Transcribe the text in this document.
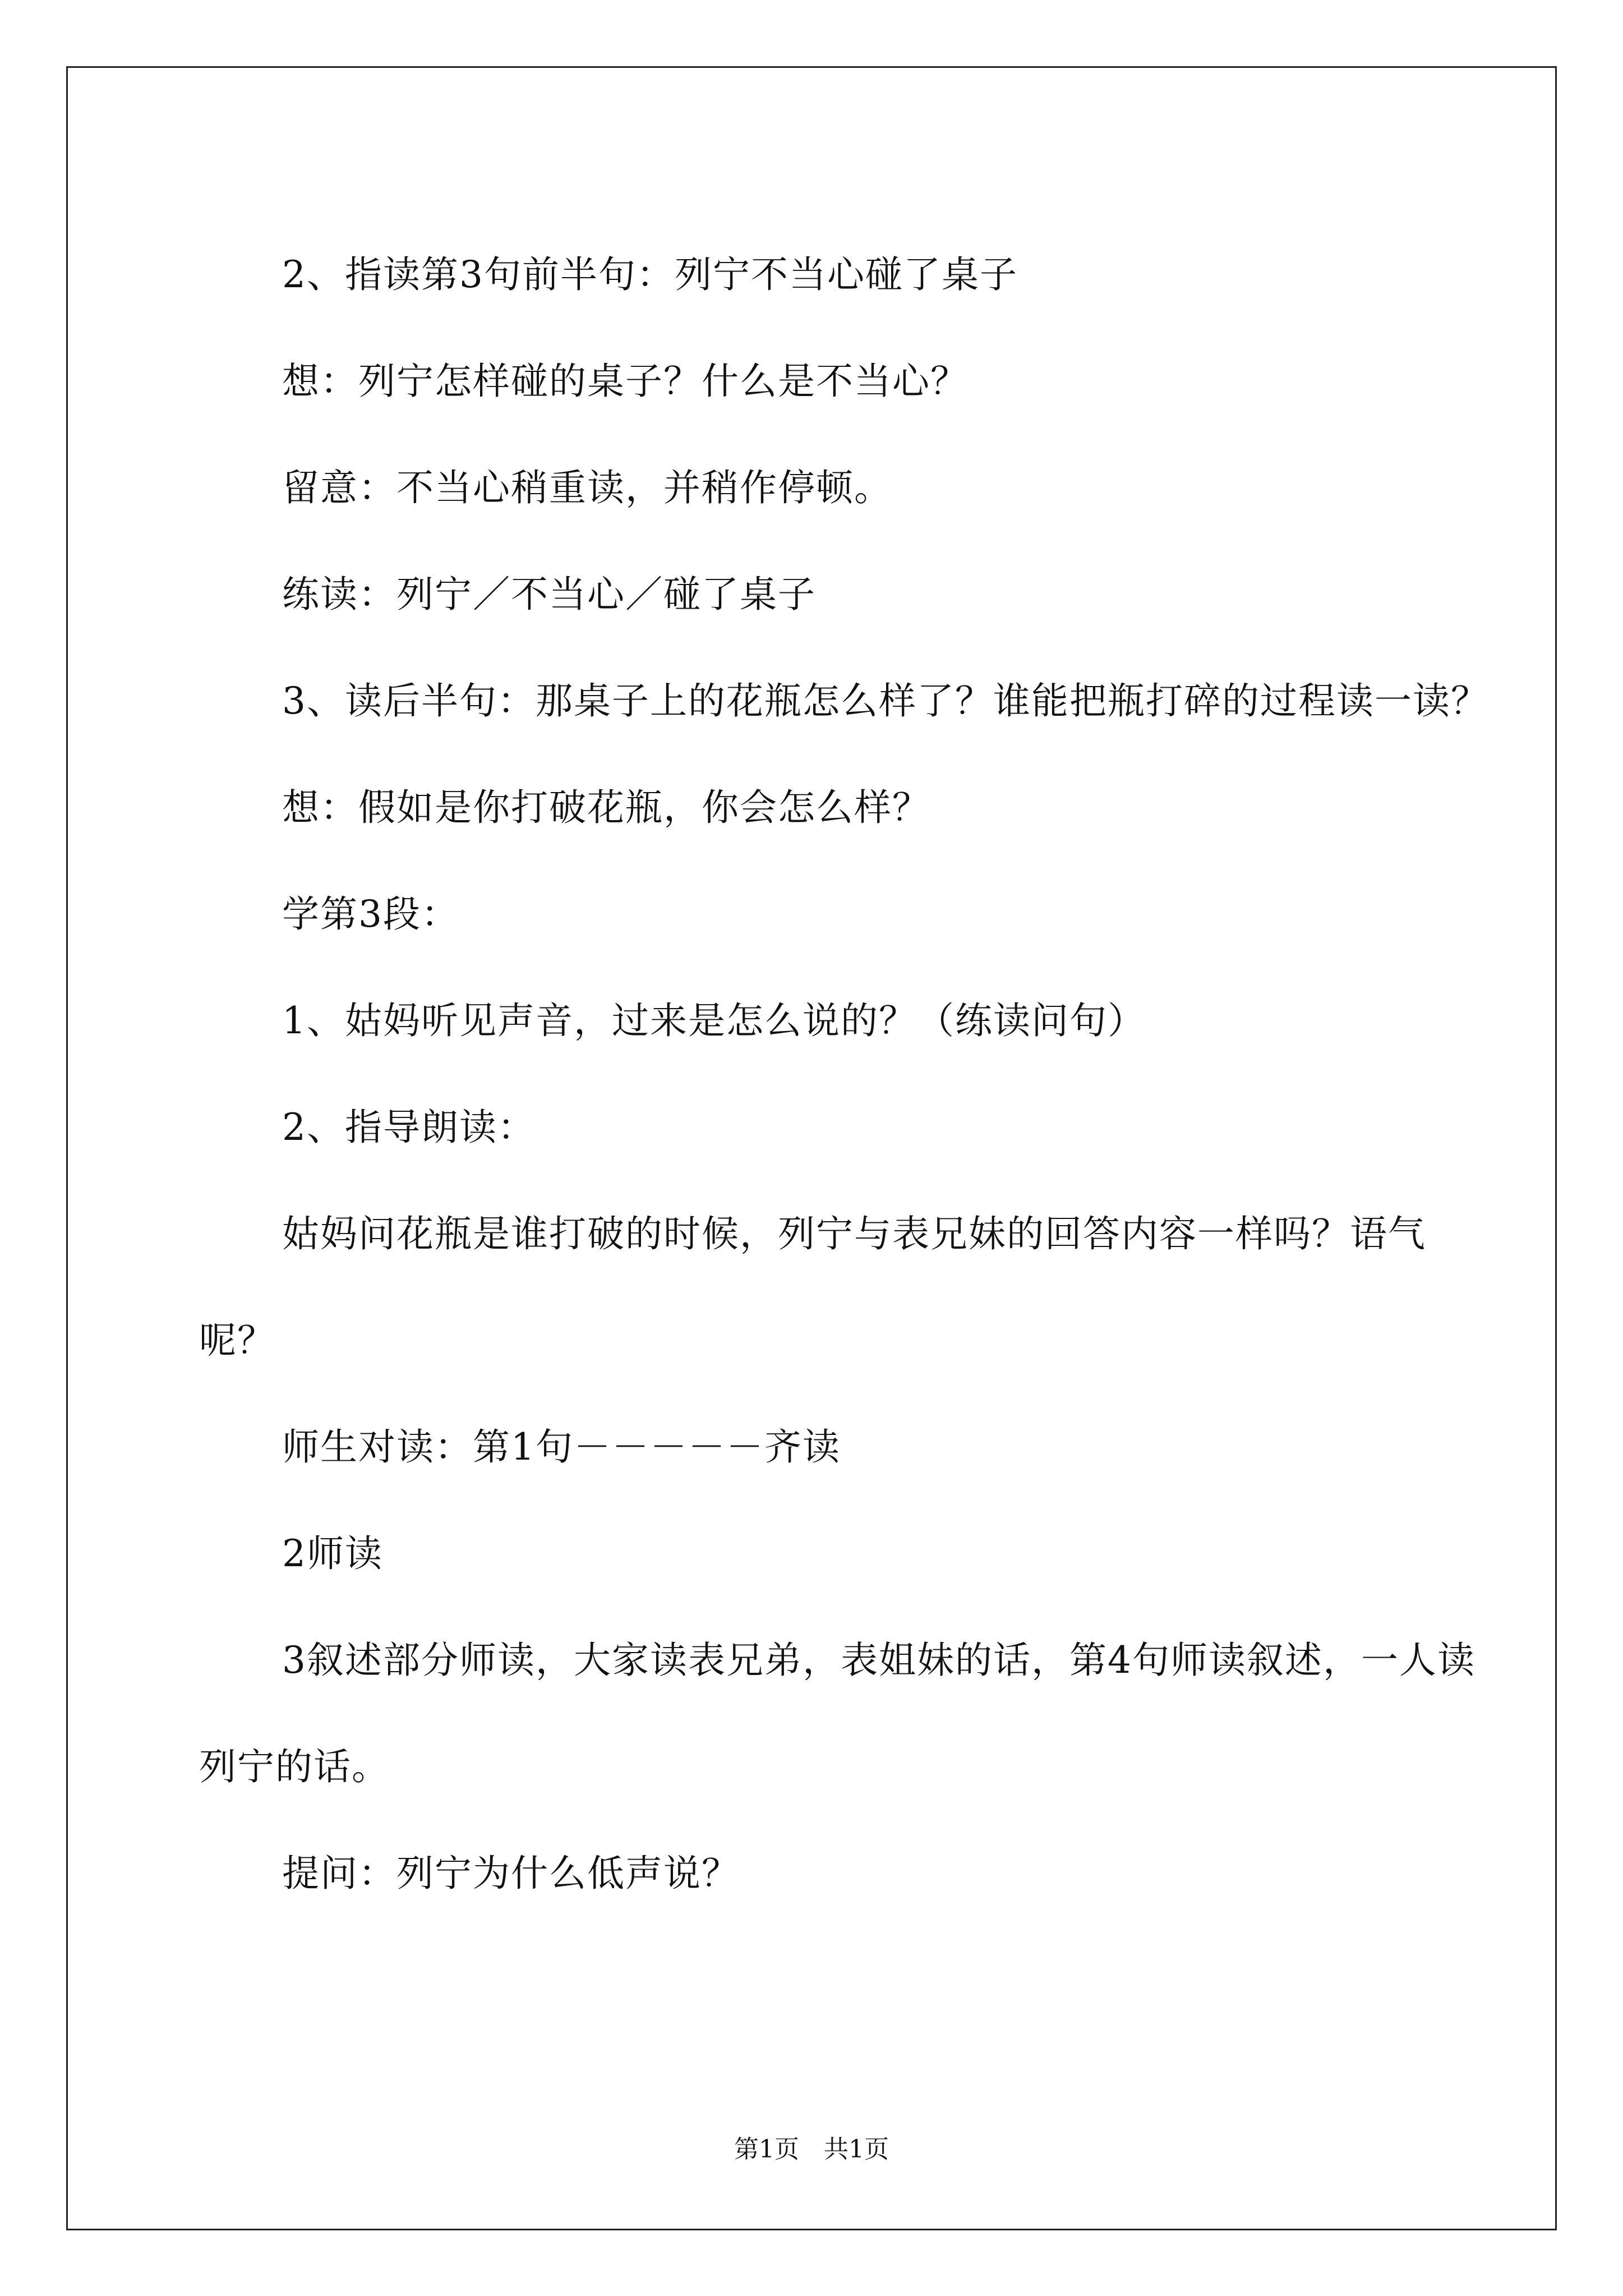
2、指读第3句前半句：列宁不当心碰了桌子

想：列宁怎样碰的桌子？什么是不当心？

留意：不当心稍重读，并稍作停顿。

练读：列宁／不当心／碰了桌子

3、读后半句：那桌子上的花瓶怎么样了？谁能把瓶打碎的过程读一读？

想：假如是你打破花瓶，你会怎么样？

学第3段：

1、姑妈听见声音，过来是怎么说的？（练读问句）

2、指导朗读：

姑妈问花瓶是谁打破的时候，列宁与表兄妹的回答内容一样吗？语气呢？

师生对读：第1句－－－－－齐读

2师读

3叙述部分师读，大家读表兄弟，表姐妹的话，第4句师读叙述，一人读列宁的话。

提问：列宁为什么低声说？

第1页　共1页
